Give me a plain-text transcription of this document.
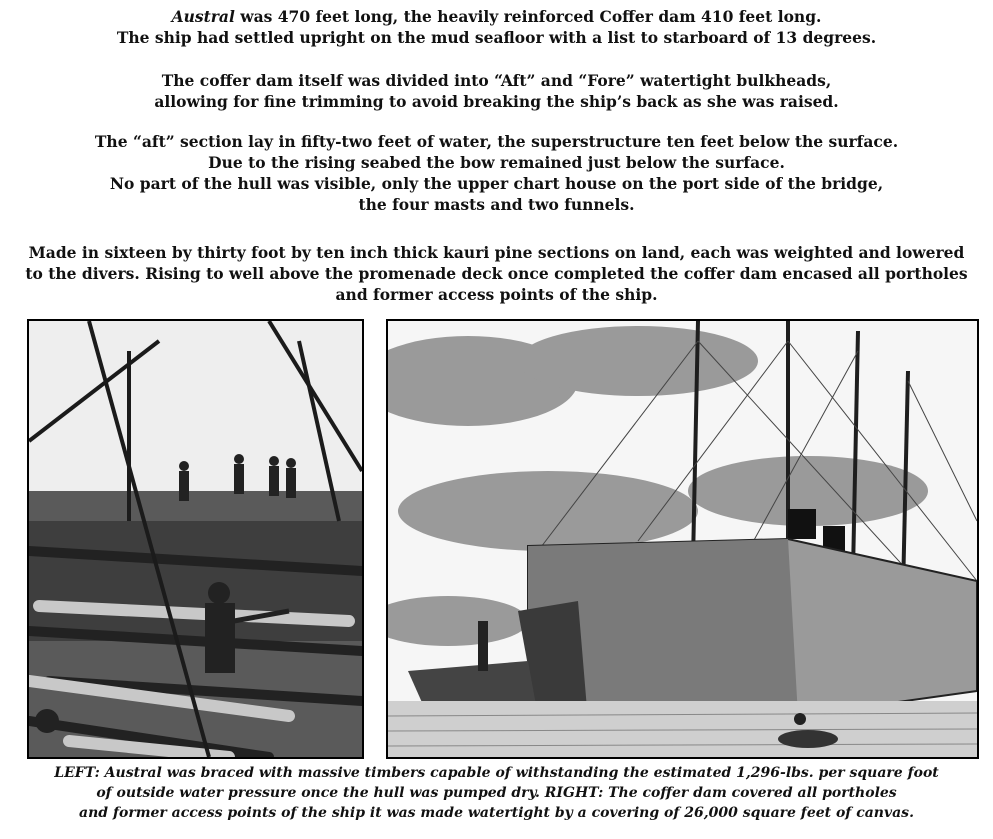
Austral was 470 feet long, the heavily reinforced Coffer dam 410 feet long.
The ship had settled upright on the mud seafloor with a list to starboard of 13 degrees.
The coffer dam itself was divided into “Aft” and “Fore” watertight bulkheads,
allowing for fine trimming to avoid breaking the ship’s back as she was raised.
The “aft” section lay in fifty-two feet of water, the superstructure ten feet below the surface.
Due to the rising seabed the bow remained just below the surface.
No part of the hull was visible, only the upper chart house on the port side of the bridge,
the four masts and two funnels.
Made in sixteen by thirty foot by ten inch thick kauri pine sections on land, each was weighted and lowered
to the divers. Rising to well above the promenade deck once completed the coffer dam encased all portholes
and former access points of the ship.
LEFT: Austral was braced with massive timbers capable of withstanding the estimated 1,296-lbs. per square foot
of outside water pressure once the hull was pumped dry. RIGHT: The coffer dam covered all portholes
and former access points of the ship it was made watertight by a covering of 26,000 square feet of canvas.
